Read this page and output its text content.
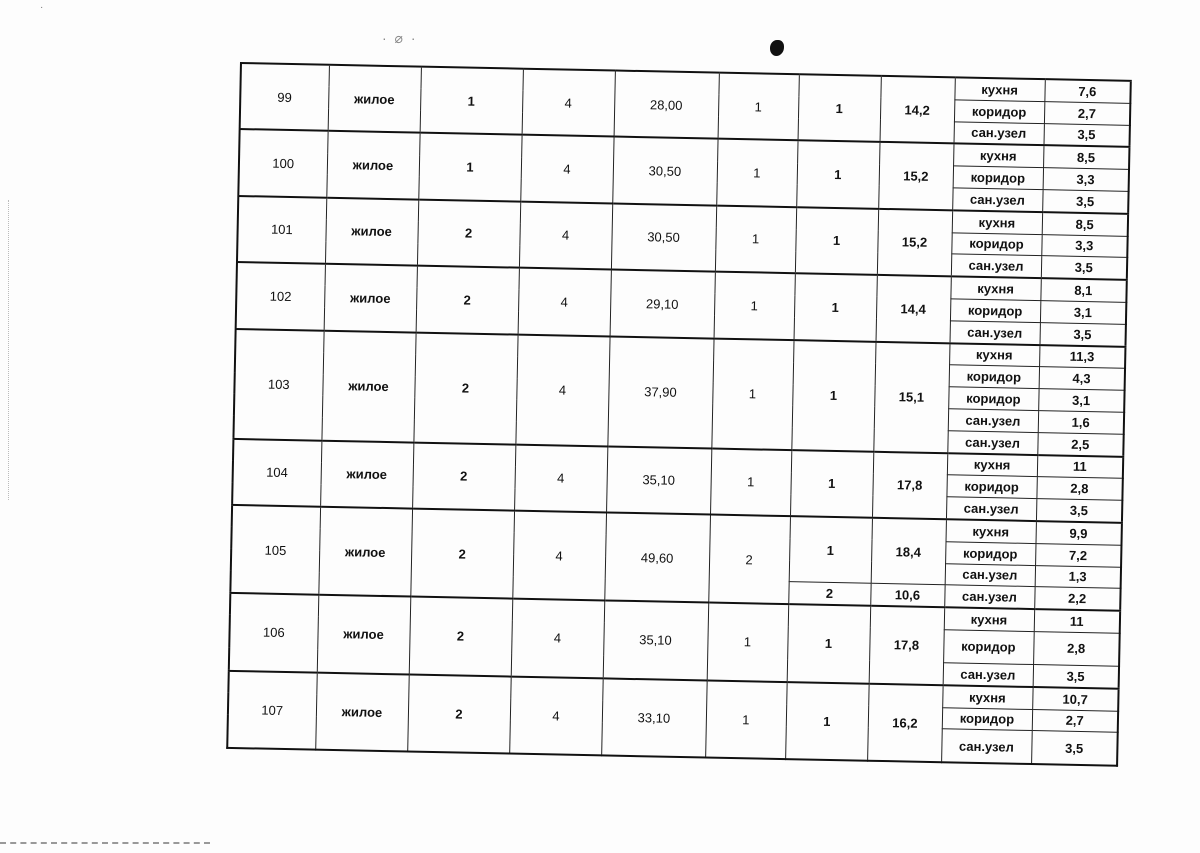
·
· ⌀ ·
99	жилое	1	4	28,00	1	1	14,2	кухня	7,6
								коридор	2,7
								сан.узел	3,5
100	жилое	1	4	30,50	1	1	15,2	кухня	8,5
								коридор	3,3
								сан.узел	3,5
101	жилое	2	4	30,50	1	1	15,2	кухня	8,5
								коридор	3,3
								сан.узел	3,5
102	жилое	2	4	29,10	1	1	14,4	кухня	8,1
								коридор	3,1
								сан.узел	3,5
103	жилое	2	4	37,90	1	1	15,1	кухня	11,3
								коридор	4,3
								коридор	3,1
								сан.узел	1,6
								сан.узел	2,5
104	жилое	2	4	35,10	1	1	17,8	кухня	11
								коридор	2,8
								сан.узел	3,5
105	жилое	2	4	49,60	2	1	18,4	кухня	9,9
								коридор	7,2
								сан.узел	1,3
						2	10,6	сан.узел	2,2
106	жилое	2	4	35,10	1	1	17,8	кухня	11
								коридор	2,8
								сан.узел	3,5
107	жилое	2	4	33,10	1	1	16,2	кухня	10,7
								коридор	2,7
								сан.узел	3,5
